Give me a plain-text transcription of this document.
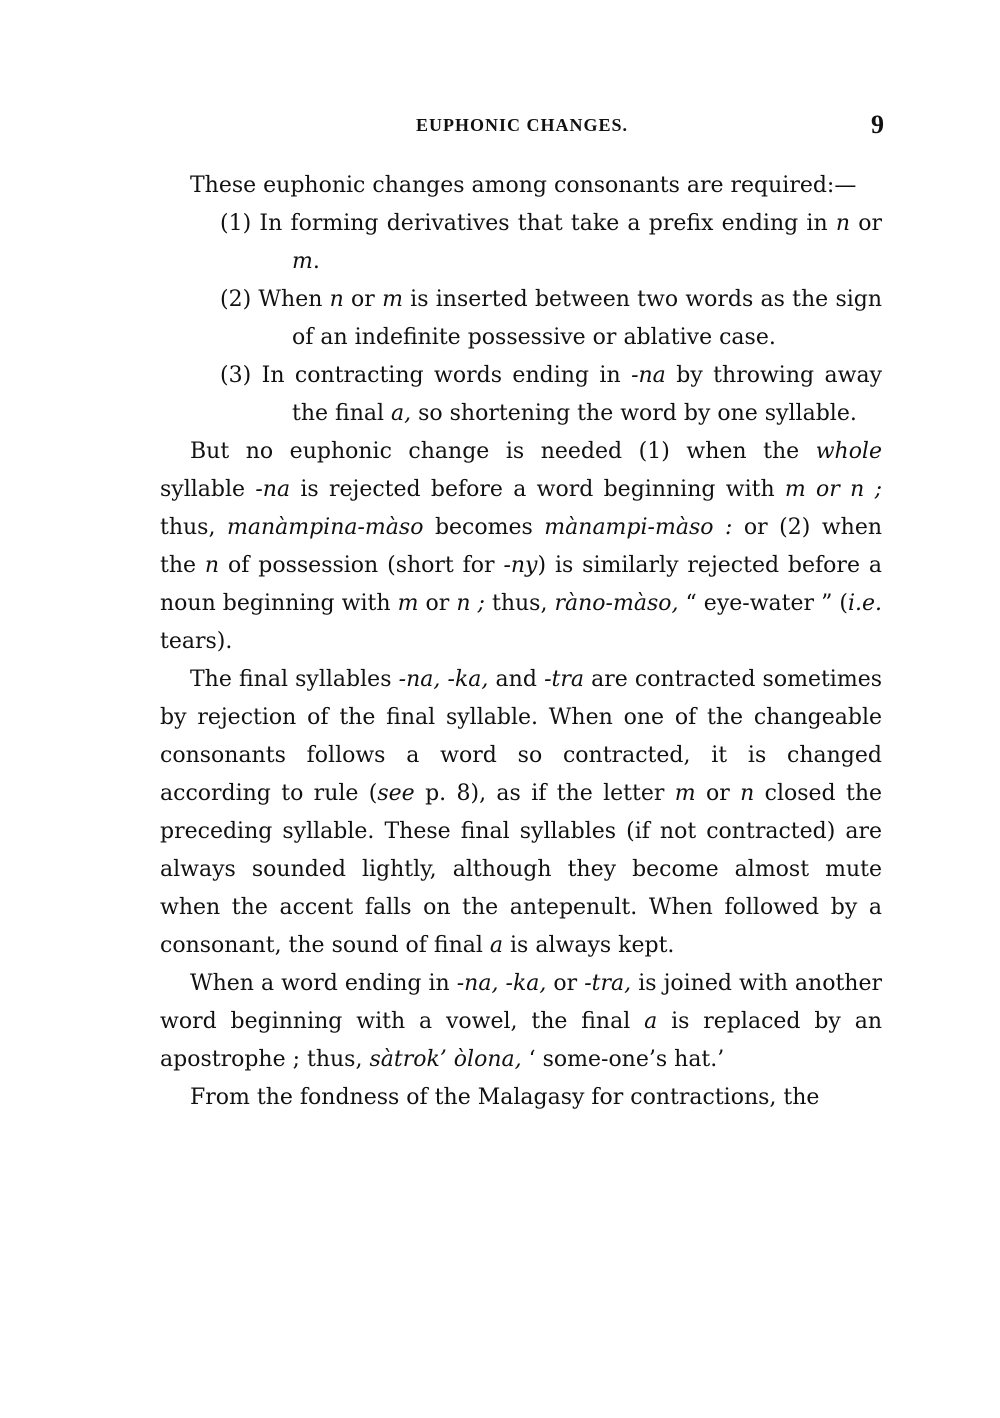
EUPHONIC CHANGES.	9

These euphonic changes among consonants are required:—

(1) In forming derivatives that take a prefix ending in n or m.
(2) When n or m is inserted between two words as the sign of an indefinite possessive or ablative case.
(3) In contracting words ending in -na by throwing away the final a, so shortening the word by one syllable.

But no euphonic change is needed (1) when the whole syllable -na is rejected before a word beginning with m or n ; thus, manàmpina-màso becomes mànampi-màso : or (2) when the n of possession (short for -ny) is similarly rejected before a noun beginning with m or n ; thus, ràno-màso, “ eye-water ” (i.e. tears).

The final syllables -na, -ka, and -tra are contracted sometimes by rejection of the final syllable. When one of the changeable consonants follows a word so contracted, it is changed according to rule (see p. 8), as if the letter m or n closed the preceding syllable. These final syllables (if not contracted) are always sounded lightly, although they become almost mute when the accent falls on the antepenult. When followed by a consonant, the sound of final a is always kept.

When a word ending in -na, -ka, or -tra, is joined with another word beginning with a vowel, the final a is replaced by an apostrophe ; thus, sàtrok’ òlona, ‘ some-one’s hat.’

From the fondness of the Malagasy for contractions, the
